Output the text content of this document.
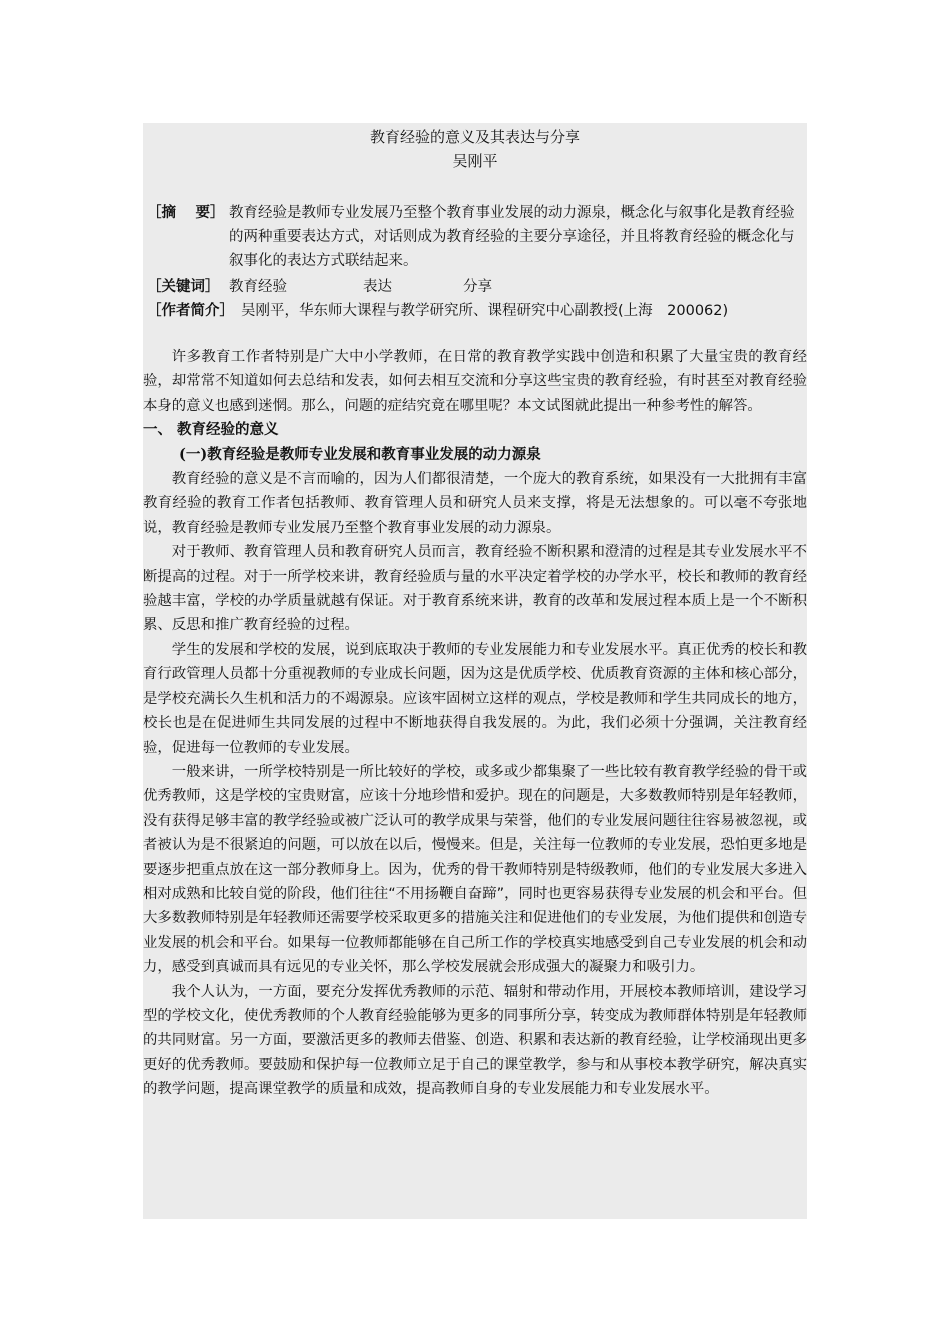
教育经验的意义及其表达与分享
吴刚平
［摘　 要］ 教育经验是教师专业发展乃至整个教育事业发展的动力源泉，概念化与叙事化是教育经验的两种重要表达方式，对话则成为教育经验的主要分享途径，并且将教育经验的概念化与叙事化的表达方式联结起来。
［关键词］ 教育经验	表达	分享
［作者简介］ 吴刚平，华东师大课程与教学研究所、课程研究中心副教授(上海　200062)

许多教育工作者特别是广大中小学教师，在日常的教育教学实践中创造和积累了大量宝贵的教育经验，却常常不知道如何去总结和发表，如何去相互交流和分享这些宝贵的教育经验，有时甚至对教育经验本身的意义也感到迷惘。那么，问题的症结究竟在哪里呢？本文试图就此提出一种参考性的解答。

一、 教育经验的意义
(一)教育经验是教师专业发展和教育事业发展的动力源泉

教育经验的意义是不言而喻的，因为人们都很清楚，一个庞大的教育系统，如果没有一大批拥有丰富教育经验的教育工作者包括教师、教育管理人员和研究人员来支撑，将是无法想象的。可以毫不夸张地说，教育经验是教师专业发展乃至整个教育事业发展的动力源泉。

对于教师、教育管理人员和教育研究人员而言，教育经验不断积累和澄清的过程是其专业发展水平不断提高的过程。对于一所学校来讲，教育经验质与量的水平决定着学校的办学水平，校长和教师的教育经验越丰富，学校的办学质量就越有保证。对于教育系统来讲，教育的改革和发展过程本质上是一个不断积累、反思和推广教育经验的过程。

学生的发展和学校的发展，说到底取决于教师的专业发展能力和专业发展水平。真正优秀的校长和教育行政管理人员都十分重视教师的专业成长问题，因为这是优质学校、优质教育资源的主体和核心部分，是学校充满长久生机和活力的不竭源泉。应该牢固树立这样的观点，学校是教师和学生共同成长的地方，校长也是在促进师生共同发展的过程中不断地获得自我发展的。为此，我们必须十分强调，关注教育经验，促进每一位教师的专业发展。

一般来讲，一所学校特别是一所比较好的学校，或多或少都集聚了一些比较有教育教学经验的骨干或优秀教师，这是学校的宝贵财富，应该十分地珍惜和爱护。现在的问题是，大多数教师特别是年轻教师，没有获得足够丰富的教学经验或被广泛认可的教学成果与荣誉，他们的专业发展问题往往容易被忽视，或者被认为是不很紧迫的问题，可以放在以后，慢慢来。但是，关注每一位教师的专业发展，恐怕更多地是要逐步把重点放在这一部分教师身上。因为，优秀的骨干教师特别是特级教师，他们的专业发展大多进入相对成熟和比较自觉的阶段，他们往往“不用扬鞭自奋蹄”，同时也更容易获得专业发展的机会和平台。但大多数教师特别是年轻教师还需要学校采取更多的措施关注和促进他们的专业发展，为他们提供和创造专业发展的机会和平台。如果每一位教师都能够在自己所工作的学校真实地感受到自己专业发展的机会和动力，感受到真诚而具有远见的专业关怀，那么学校发展就会形成强大的凝聚力和吸引力。

我个人认为，一方面，要充分发挥优秀教师的示范、辐射和带动作用，开展校本教师培训，建设学习型的学校文化，使优秀教师的个人教育经验能够为更多的同事所分享，转变成为教师群体特别是年轻教师的共同财富。另一方面，要激活更多的教师去借鉴、创造、积累和表达新的教育经验，让学校涌现出更多更好的优秀教师。要鼓励和保护每一位教师立足于自己的课堂教学，参与和从事校本教学研究，解决真实的教学问题，提高课堂教学的质量和成效，提高教师自身的专业发展能力和专业发展水平。
